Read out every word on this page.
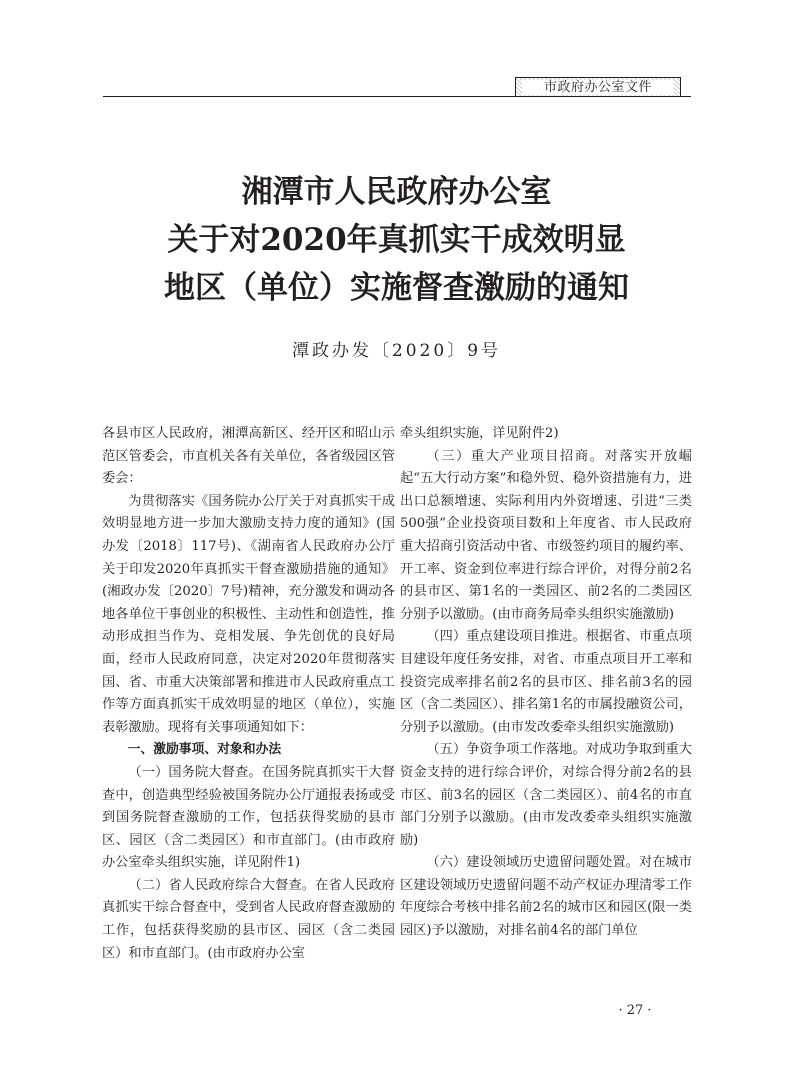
市政府办公室文件
湘潭市人民政府办公室
关于对2020年真抓实干成效明显
地区（单位）实施督查激励的通知
潭政办发〔2020〕9号

各县市区人民政府，湘潭高新区、经开区和昭山示范区管委会，市直机关各有关单位，各省级园区管委会：

为贯彻落实《国务院办公厅关于对真抓实干成效明显地方进一步加大激励支持力度的通知》(国办发〔2018〕117号)、《湖南省人民政府办公厅关于印发2020年真抓实干督查激励措施的通知》(湘政办发〔2020〕7号)精神，充分激发和调动各地各单位干事创业的积极性、主动性和创造性，推动形成担当作为、竞相发展、争先创优的良好局面，经市人民政府同意，决定对2020年贯彻落实国、省、市重大决策部署和推进市人民政府重点工作等方面真抓实干成效明显的地区（单位），实施表彰激励。现将有关事项通知如下：

一、激励事项、对象和办法

（一）国务院大督查。在国务院真抓实干大督查中，创造典型经验被国务院办公厅通报表扬或受到国务院督查激励的工作，包括获得奖励的县市区、园区（含二类园区）和市直部门。(由市政府办公室牵头组织实施，详见附件1)

（二）省人民政府综合大督查。在省人民政府真抓实干综合督查中，受到省人民政府督查激励的工作，包括获得奖励的县市区、园区（含二类园区）和市直部门。(由市政府办公室

牵头组织实施，详见附件2)

（三）重大产业项目招商。对落实开放崛起“五大行动方案”和稳外贸、稳外资措施有力，进出口总额增速、实际利用内外资增速、引进“三类500强”企业投资项目数和上年度省、市人民政府重大招商引资活动中省、市级签约项目的履约率、开工率、资金到位率进行综合评价，对得分前2名的县市区、第1名的一类园区、前2名的二类园区分别予以激励。(由市商务局牵头组织实施激励)

（四）重点建设项目推进。根据省、市重点项目建设年度任务安排，对省、市重点项目开工率和投资完成率排名前2名的县市区、排名前3名的园区（含二类园区）、排名第1名的市属投融资公司，分别予以激励。(由市发改委牵头组织实施激励)

（五）争资争项工作落地。对成功争取到重大资金支持的进行综合评价，对综合得分前2名的县市区、前3名的园区（含二类园区）、前4名的市直部门分别予以激励。(由市发改委牵头组织实施激励)

（六）建设领域历史遗留问题处置。对在城市区建设领域历史遗留问题不动产权证办理清零工作年度综合考核中排名前2名的城市区和园区(限一类园区)予以激励，对排名前4名的部门单位

· 27 ·
